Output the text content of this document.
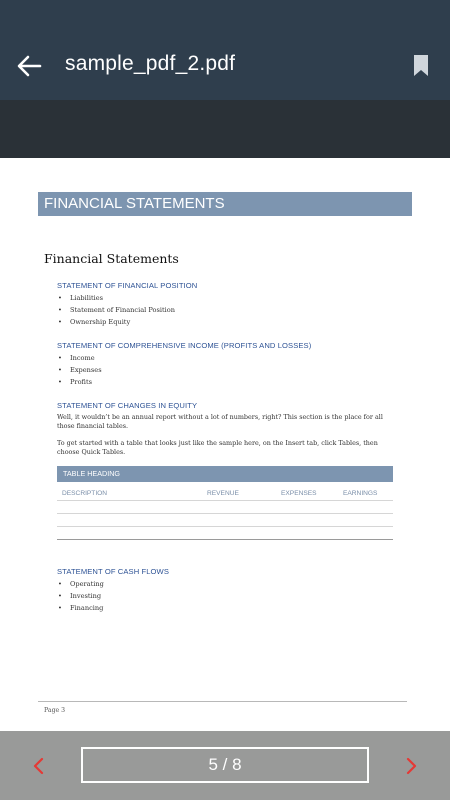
sample_pdf_2.pdf
FINANCIAL STATEMENTS
Financial Statements
STATEMENT OF FINANCIAL POSITION
• Liabilities
• Statement of Financial Position
• Ownership Equity
STATEMENT OF COMPREHENSIVE INCOME (PROFITS AND LOSSES)
• Income
• Expenses
• Profits
STATEMENT OF CHANGES IN EQUITY
Well, it wouldn’t be an annual report without a lot of numbers, right? This section is the place for all those financial tables.
To get started with a table that looks just like the sample here, on the Insert tab, click Tables, then choose Quick Tables.
TABLE HEADING
DESCRIPTION	REVENUE	EXPENSES	EARNINGS
STATEMENT OF CASH FLOWS
• Operating
• Investing
• Financing
Page 3
5 / 8
